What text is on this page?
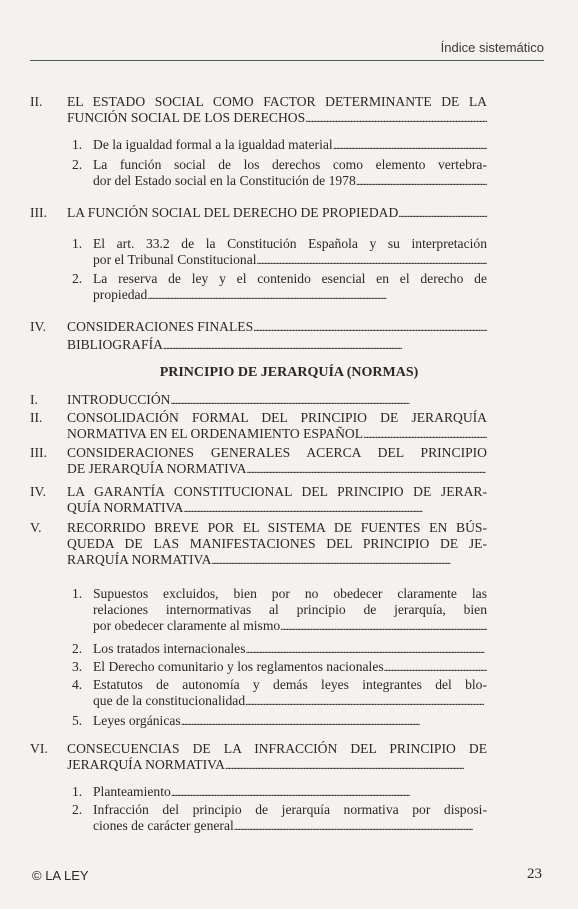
Índice sistemático
II. EL ESTADO SOCIAL COMO FACTOR DETERMINANTE DE LA
FUNCIÓN SOCIAL DE LOS DERECHOS
. . .
1. De la igualdad formal a la igualdad material
. . .
2. La función social de los derechos como elemento vertebra-
dor del Estado social en la Constitución de 1978
. . .
III. LA FUNCIÓN SOCIAL DEL DERECHO DE PROPIEDAD
. . .
1. El art. 33.2 de la Constitución Española y su interpretación
por el Tribunal Constitucional
. . .
2. La reserva de ley y el contenido esencial en el derecho de
propiedad
. . .
IV. CONSIDERACIONES FINALES
. . .
BIBLIOGRAFÍA
. . .
PRINCIPIO DE JERARQUÍA (NORMAS)
I. INTRODUCCIÓN
. . .
II. CONSOLIDACIÓN FORMAL DEL PRINCIPIO DE JERARQUÍA
NORMATIVA EN EL ORDENAMIENTO ESPAÑOL
. . .
III. CONSIDERACIONES GENERALES ACERCA DEL PRINCIPIO
DE JERARQUÍA NORMATIVA
. . .
IV. LA GARANTÍA CONSTITUCIONAL DEL PRINCIPIO DE JERAR-
QUÍA NORMATIVA
. . .
V. RECORRIDO BREVE POR EL SISTEMA DE FUENTES EN BÚS-
QUEDA DE LAS MANIFESTACIONES DEL PRINCIPIO DE JE-
RARQUÍA NORMATIVA
. . .
1. Supuestos excluidos, bien por no obedecer claramente las
relaciones internormativas al principio de jerarquía, bien
por obedecer claramente al mismo
. . .
2. Los tratados internacionales
. . .
3. El Derecho comunitario y los reglamentos nacionales
. . .
4. Estatutos de autonomía y demás leyes integrantes del blo-
que de la constitucionalidad
. . .
5. Leyes orgánicas
. . .
VI. CONSECUENCIAS DE LA INFRACCIÓN DEL PRINCIPIO DE
JERARQUÍA NORMATIVA
. . .
1. Planteamiento
. . .
2. Infracción del principio de jerarquía normativa por disposi-
ciones de carácter general
. . .
© LA LEY	23
